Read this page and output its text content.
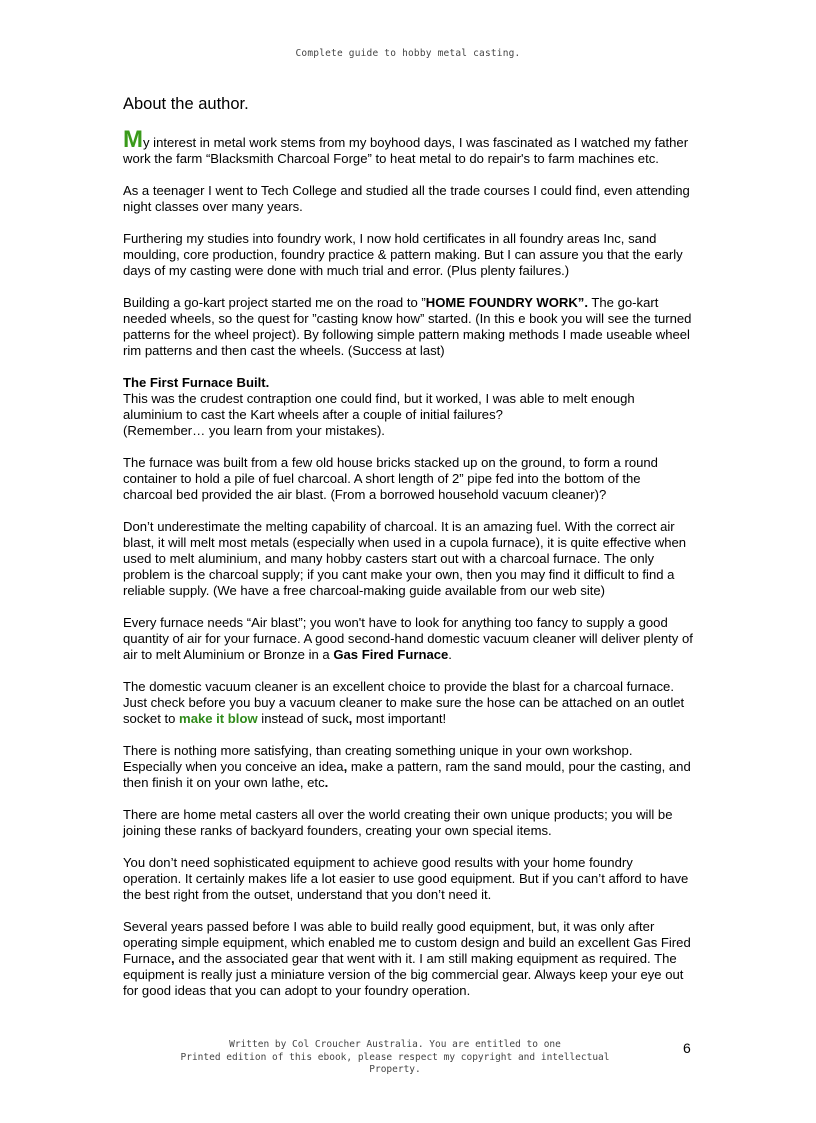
Complete guide to hobby metal casting.
About the author.

My interest in metal work stems from my boyhood days, I was fascinated as I watched my father work the farm “Blacksmith Charcoal Forge” to heat metal to do repair's to farm machines etc.

As a teenager I went to Tech College and studied all the trade courses I could find, even attending night classes over many years.

Furthering my studies into foundry work, I now hold certificates in all foundry areas Inc, sand moulding, core production, foundry practice & pattern making. But I can assure you that the early days of my casting were done with much trial and error. (Plus plenty failures.)

Building a go-kart project started me on the road to ”HOME FOUNDRY WORK”. The go-kart needed wheels, so the quest for ”casting know how” started. (In this e book you will see the turned patterns for the wheel project). By following simple pattern making methods I made useable wheel rim patterns and then cast the wheels. (Success at last)

The First Furnace Built.
This was the crudest contraption one could find, but it worked, I was able to melt enough aluminium to cast the Kart wheels after a couple of initial failures?
(Remember… you learn from your mistakes).

The furnace was built from a few old house bricks stacked up on the ground, to form a round container to hold a pile of fuel charcoal. A short length of 2” pipe fed into the bottom of the charcoal bed provided the air blast. (From a borrowed household vacuum cleaner)?

Don’t underestimate the melting capability of charcoal. It is an amazing fuel. With the correct air blast, it will melt most metals (especially when used in a cupola furnace), it is quite effective when used to melt aluminium, and many hobby casters start out with a charcoal furnace. The only problem is the charcoal supply; if you cant make your own, then you may find it difficult to find a reliable supply. (We have a free charcoal-making guide available from our web site)

Every furnace needs “Air blast”; you won't have to look for anything too fancy to supply a good quantity of air for your furnace. A good second-hand domestic vacuum cleaner will deliver plenty of air to melt Aluminium or Bronze in a Gas Fired Furnace.

The domestic vacuum cleaner is an excellent choice to provide the blast for a charcoal furnace. Just check before you buy a vacuum cleaner to make sure the hose can be attached on an outlet socket to make it blow instead of suck, most important!

There is nothing more satisfying, than creating something unique in your own workshop. Especially when you conceive an idea, make a pattern, ram the sand mould, pour the casting, and then finish it on your own lathe, etc.

There are home metal casters all over the world creating their own unique products; you will be joining these ranks of backyard founders, creating your own special items.

You don’t need sophisticated equipment to achieve good results with your home foundry operation. It certainly makes life a lot easier to use good equipment. But if you can’t afford to have the best right from the outset, understand that you don’t need it.

Several years passed before I was able to build really good equipment, but, it was only after operating simple equipment, which enabled me to custom design and build an excellent Gas Fired Furnace, and the associated gear that went with it. I am still making equipment as required. The equipment is really just a miniature version of the big commercial gear. Always keep your eye out for good ideas that you can adopt to your foundry operation.

Written by Col Croucher Australia. You are entitled to one
Printed edition of this ebook, please respect my copyright and intellectual
Property.
6
